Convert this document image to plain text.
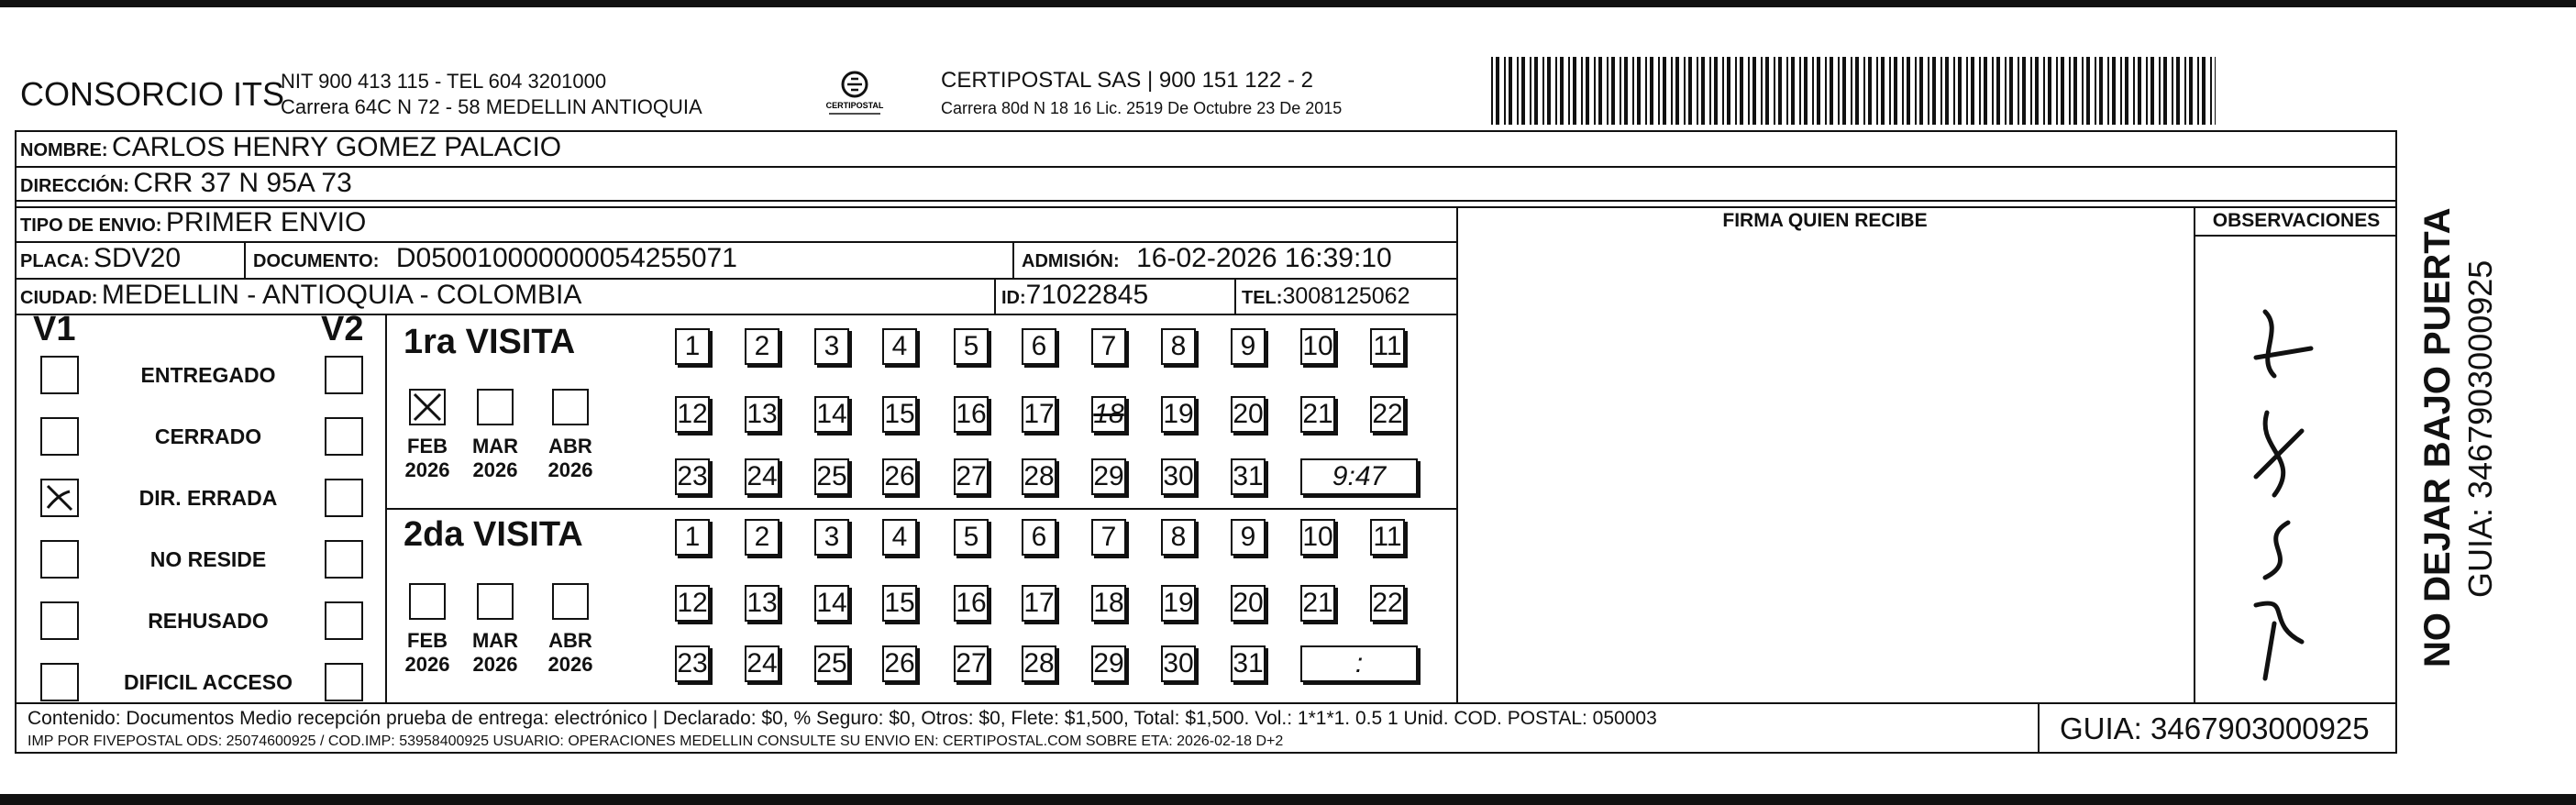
CONSORCIO ITS
NIT 900 413 115 - TEL 604 3201000
Carrera 64C N 72 - 58 MEDELLIN ANTIOQUIA	CERTIPOSTAL
CERTIPOSTAL SAS | 900 151 122 - 2
Carrera 80d N 18 16 Lic. 2519 De Octubre 23 De 2015
NOMBRE: CARLOS HENRY GOMEZ PALACIO
DIRECCIÓN: CRR 37 N 95A 73
TIPO DE ENVIO: PRIMER ENVIO	FIRMA QUIEN RECIBE	OBSERVACIONES
PLACA: SDV20	DOCUMENTO: D050010000000054255071	ADMISIÓN: 16-02-2026 16:39:10
CIUDAD: MEDELLIN - ANTIOQUIA - COLOMBIA	ID:71022845	TEL:3008125062
V1	V2
ENTREGADO
CERRADO
DIR. ERRADA
NO RESIDE
REHUSADO
DIFICIL ACCESO
1ra VISITA
2da VISITA
1	2	3	4	5	6	7	8	9	10 11
12 13 14 15 16 17 18 19 20 21 22
23 24 25 26 27 28 29 30 31	9:47
FEB
2026
MAR
2026
ABR
2026
1	2	3	4	5	6	7	8	9	10 11
12 13 14 15 16 17 18 19 20 21 22
23 24 25 26 27 28 29 30 31	:
FEB
2026
MAR
2026
ABR
2026
Contenido: Documentos Medio recepción prueba de entrega: electrónico | Declarado: $0, % Seguro: $0, Otros: $0, Flete: $1,500, Total: $1,500. Vol.: 1*1*1. 0.5 1 Unid. COD. POSTAL: 050003
IMP POR FIVEPOSTAL ODS: 25074600925 / COD.IMP: 53958400925 USUARIO: OPERACIONES MEDELLIN CONSULTE SU ENVIO EN: CERTIPOSTAL.COM SOBRE ETA: 2026-02-18 D+2	GUIA: 3467903000925
NO DEJAR BAJO PUERTA GUIA: 3467903000925
